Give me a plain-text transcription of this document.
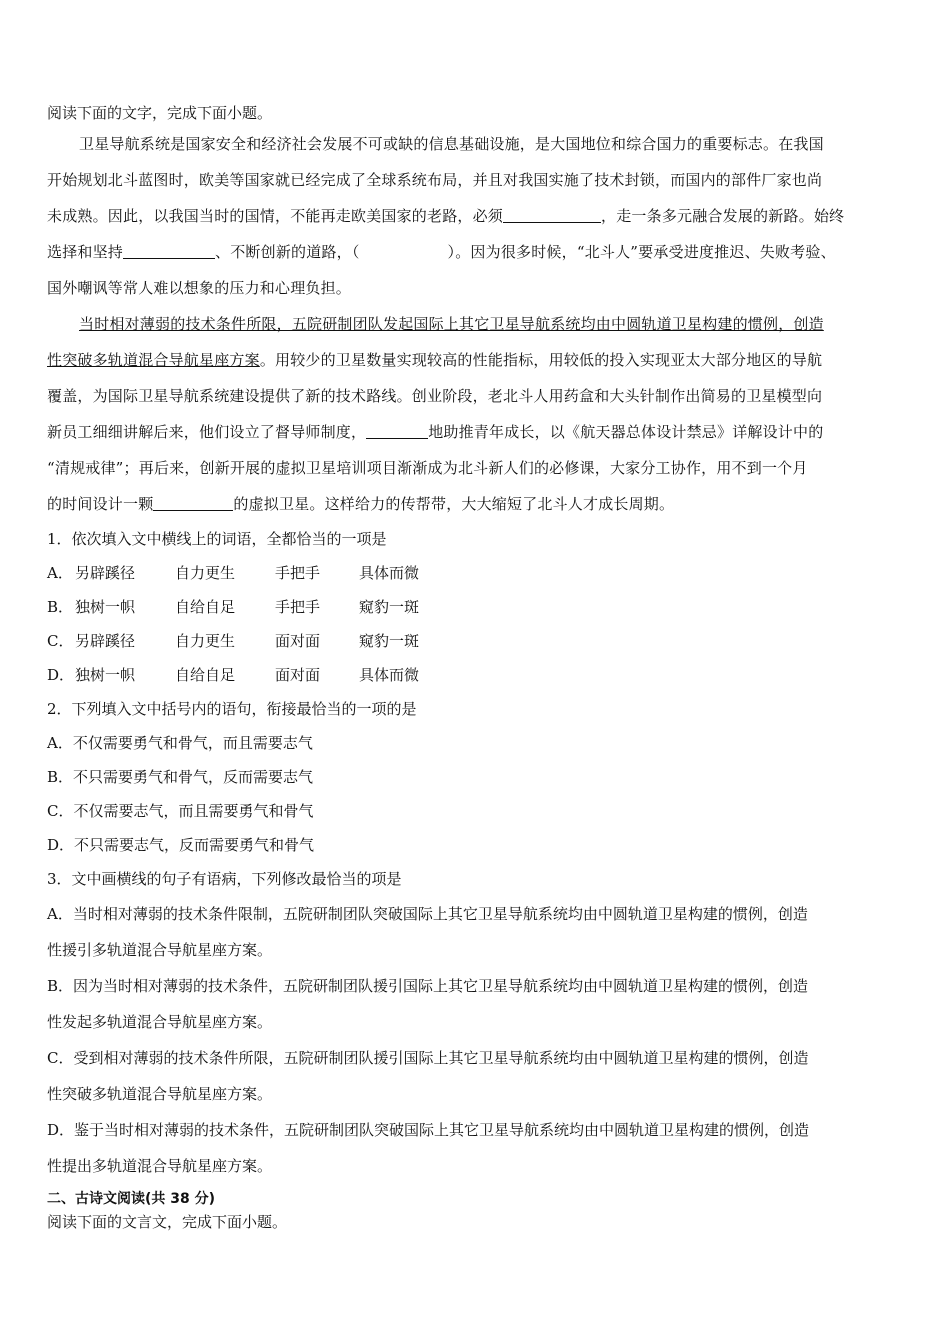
阅读下面的文字，完成下面小题。
卫星导航系统是国家安全和经济社会发展不可或缺的信息基础设施，是大国地位和综合国力的重要标志。在我国
开始规划北斗蓝图时，欧美等国家就已经完成了全球系统布局，并且对我国实施了技术封锁，而国内的部件厂家也尚
未成熟。因此，以我国当时的国情，不能再走欧美国家的老路，必须	，走一条多元融合发展的新路。始终
选择和坚持	、不断创新的道路，（	）。因为很多时候，“北斗人”要承受进度推迟、失败考验、
国外嘲讽等常人难以想象的压力和心理负担。
当时相对薄弱的技术条件所限，五院研制团队发起国际上其它卫星导航系统均由中圆轨道卫星构建的惯例，创造
性突破多轨道混合导航星座方案。用较少的卫星数量实现较高的性能指标，用较低的投入实现亚太大部分地区的导航
覆盖，为国际卫星导航系统建设提供了新的技术路线。创业阶段，老北斗人用药盒和大头针制作出简易的卫星模型向
新员工细细讲解后来，他们设立了督导师制度，	地助推青年成长，以《航天器总体设计禁忌》详解设计中的
“清规戒律”；再后来，创新开展的虚拟卫星培训项目渐渐成为北斗新人们的必修课，大家分工协作，用不到一个月
的时间设计一颗	的虚拟卫星。这样给力的传帮带，大大缩短了北斗人才成长周期。
1．依次填入文中横线上的词语，全都恰当的一项是
A． 另辟蹊径	自力更生	手把手	具体而微
B． 独树一帜	自给自足	手把手	窥豹一斑
C． 另辟蹊径	自力更生	面对面	窥豹一斑
D．独树一帜	自给自足	面对面	具体而微
2．下列填入文中括号内的语句，衔接最恰当的一项的是
A．不仅需要勇气和骨气，而且需要志气
B．不只需要勇气和骨气，反而需要志气
C．不仅需要志气，而且需要勇气和骨气
D．不只需要志气，反而需要勇气和骨气
3．文中画横线的句子有语病，下列修改最恰当的项是
A．当时相对薄弱的技术条件限制，五院研制团队突破国际上其它卫星导航系统均由中圆轨道卫星构建的惯例，创造
性援引多轨道混合导航星座方案。
B．因为当时相对薄弱的技术条件，五院研制团队援引国际上其它卫星导航系统均由中圆轨道卫星构建的惯例，创造
性发起多轨道混合导航星座方案。
C．受到相对薄弱的技术条件所限，五院研制团队援引国际上其它卫星导航系统均由中圆轨道卫星构建的惯例，创造
性突破多轨道混合导航星座方案。
D．鉴于当时相对薄弱的技术条件，五院研制团队突破国际上其它卫星导航系统均由中圆轨道卫星构建的惯例，创造
性提出多轨道混合导航星座方案。
二、古诗文阅读(共 38 分)
阅读下面的文言文，完成下面小题。
